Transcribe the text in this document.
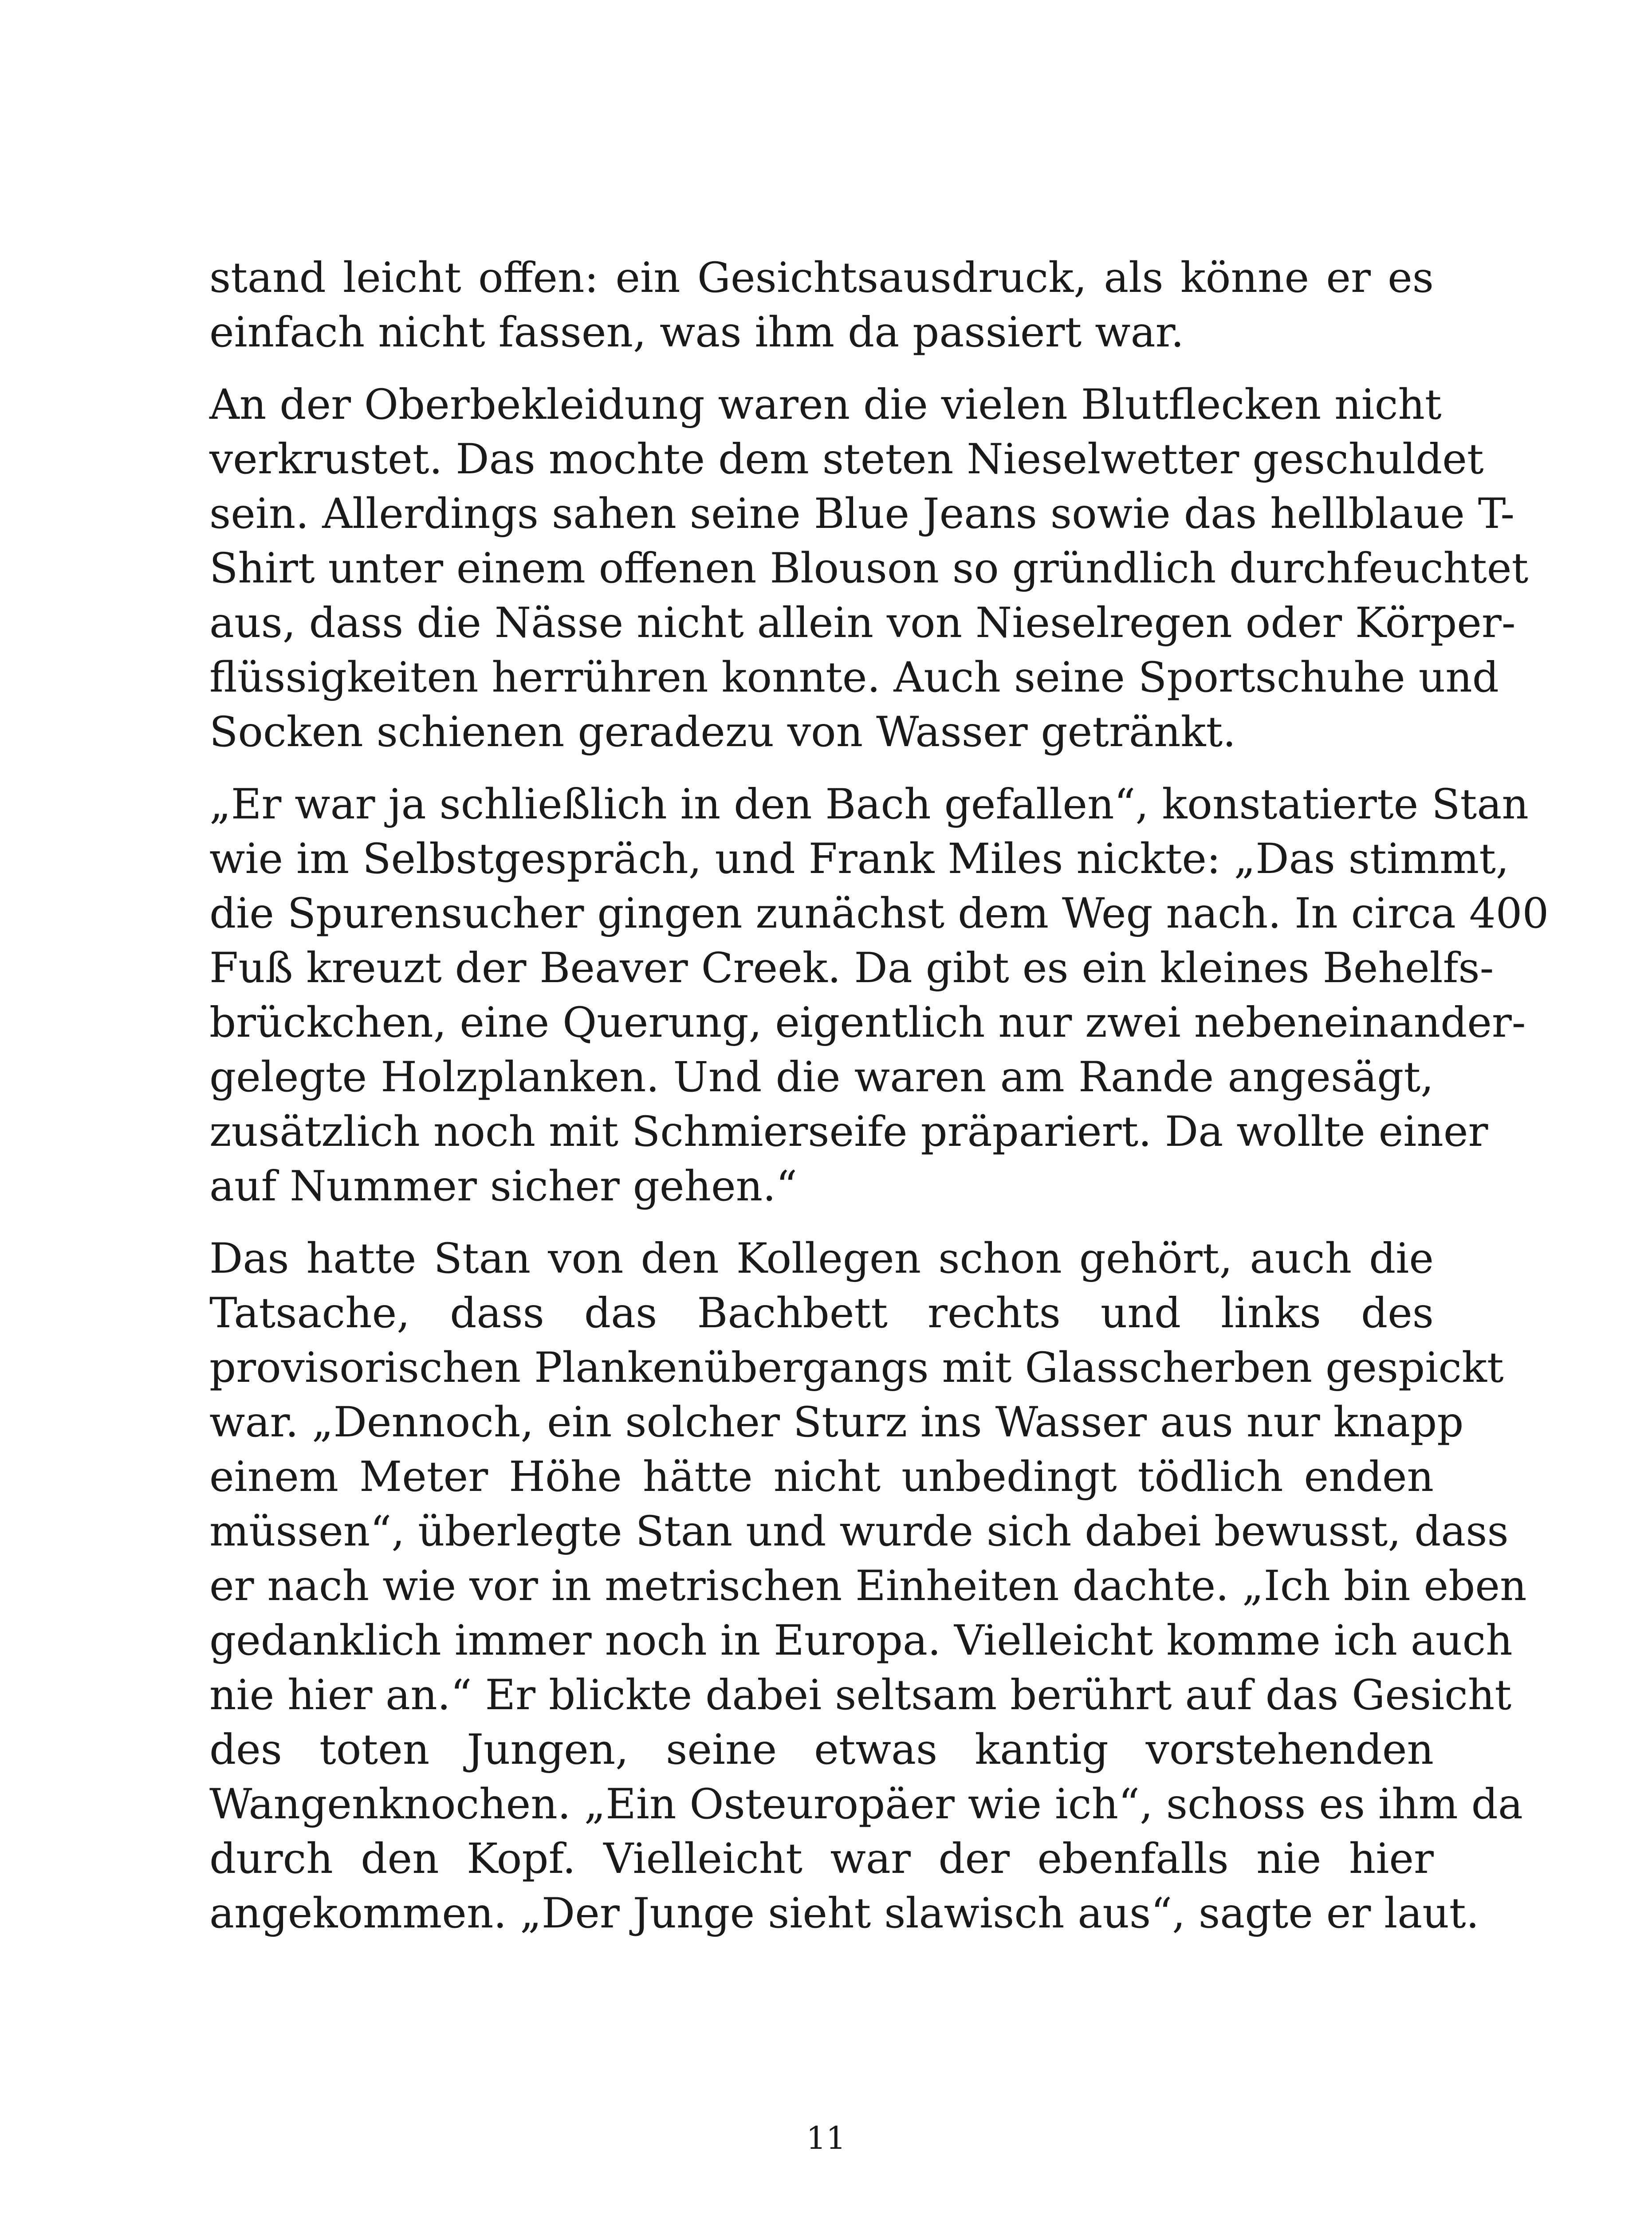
stand leicht offen: ein Gesichtsausdruck, als könne er es
einfach nicht fassen, was ihm da passiert war.
An der Oberbekleidung waren die vielen Blutflecken nicht
verkrustet. Das mochte dem steten Nieselwetter geschuldet
sein. Allerdings sahen seine Blue Jeans sowie das hellblaue T-
Shirt unter einem offenen Blouson so gründlich durchfeuchtet
aus, dass die Nässe nicht allein von Nieselregen oder Körper-
flüssigkeiten herrühren konnte. Auch seine Sportschuhe und
Socken schienen geradezu von Wasser getränkt.
„Er war ja schließlich in den Bach gefallen“, konstatierte Stan
wie im Selbstgespräch, und Frank Miles nickte: „Das stimmt,
die Spurensucher gingen zunächst dem Weg nach. In circa 400
Fuß kreuzt der Beaver Creek. Da gibt es ein kleines Behelfs-
brückchen, eine Querung, eigentlich nur zwei nebeneinander-
gelegte Holzplanken. Und die waren am Rande angesägt,
zusätzlich noch mit Schmierseife präpariert. Da wollte einer
auf Nummer sicher gehen.“
Das hatte Stan von den Kollegen schon gehört, auch die
Tatsache, dass das Bachbett rechts und links des
provisorischen Plankenübergangs mit Glasscherben gespickt
war. „Dennoch, ein solcher Sturz ins Wasser aus nur knapp
einem Meter Höhe hätte nicht unbedingt tödlich enden
müssen“, überlegte Stan und wurde sich dabei bewusst, dass
er nach wie vor in metrischen Einheiten dachte. „Ich bin eben
gedanklich immer noch in Europa. Vielleicht komme ich auch
nie hier an.“ Er blickte dabei seltsam berührt auf das Gesicht
des toten Jungen, seine etwas kantig vorstehenden
Wangenknochen. „Ein Osteuropäer wie ich“, schoss es ihm da
durch den Kopf. Vielleicht war der ebenfalls nie hier
angekommen. „Der Junge sieht slawisch aus“, sagte er laut.
11
